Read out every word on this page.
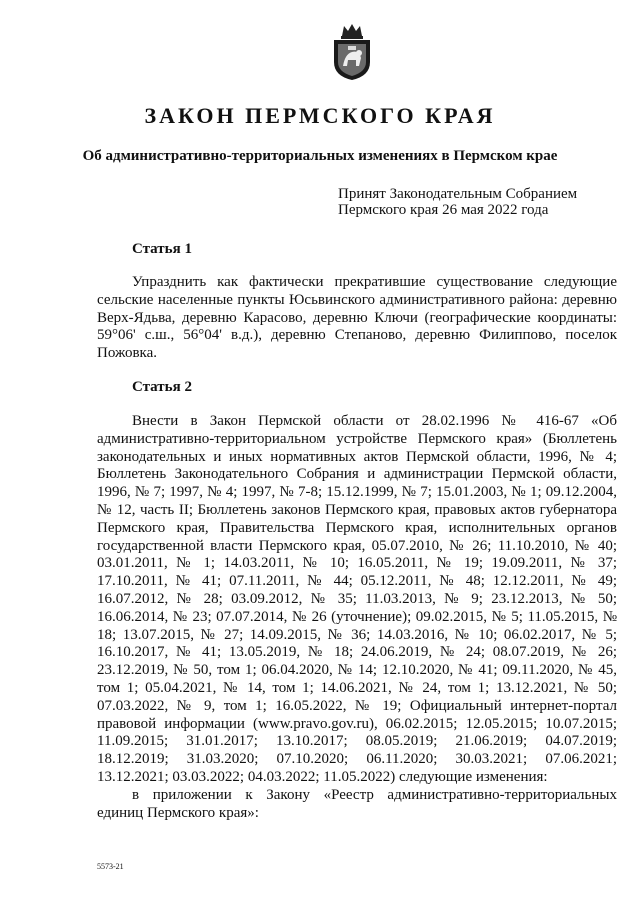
ЗАКОН ПЕРМСКОГО КРАЯ
Об административно-территориальных изменениях в Пермском крае
Принят Законодательным Собранием
Пермского края 26 мая 2022 года
Статья 1
Упразднить как фактически прекратившие существование следующие сельские населенные пункты Юсьвинского административного района: деревню Верх-Ядьва, деревню Карасово, деревню Ключи (географические координаты: 59°06' с.ш., 56°04' в.д.), деревню Степаново, деревню Филиппово, поселок Пожовка.
Статья 2
Внести в Закон Пермской области от 28.02.1996 № 416-67 «Об административно-территориальном устройстве Пермского края» (Бюллетень законодательных и иных нормативных актов Пермской области, 1996, № 4; Бюллетень Законодательного Собрания и администрации Пермской области, 1996, № 7; 1997, № 4; 1997, № 7-8; 15.12.1999, № 7; 15.01.2003, № 1; 09.12.2004, № 12, часть II; Бюллетень законов Пермского края, правовых актов губернатора Пермского края, Правительства Пермского края, исполнительных органов государственной власти Пермского края, 05.07.2010, № 26; 11.10.2010, № 40; 03.01.2011, № 1; 14.03.2011, № 10; 16.05.2011, № 19; 19.09.2011, № 37; 17.10.2011, № 41; 07.11.2011, № 44; 05.12.2011, № 48; 12.12.2011, № 49; 16.07.2012, № 28; 03.09.2012, № 35; 11.03.2013, № 9; 23.12.2013, № 50; 16.06.2014, № 23; 07.07.2014, № 26 (уточнение); 09.02.2015, № 5; 11.05.2015, № 18; 13.07.2015, № 27; 14.09.2015, № 36; 14.03.2016, № 10; 06.02.2017, № 5; 16.10.2017, № 41; 13.05.2019, № 18; 24.06.2019, № 24; 08.07.2019, № 26; 23.12.2019, № 50, том 1; 06.04.2020, № 14; 12.10.2020, № 41; 09.11.2020, № 45, том 1; 05.04.2021, № 14, том 1; 14.06.2021, № 24, том 1; 13.12.2021, № 50; 07.03.2022, № 9, том 1; 16.05.2022, № 19; Официальный интернет-портал правовой информации (www.pravo.gov.ru), 06.02.2015; 12.05.2015; 10.07.2015; 11.09.2015; 31.01.2017; 13.10.2017; 08.05.2019; 21.06.2019; 04.07.2019; 18.12.2019; 31.03.2020; 07.10.2020; 06.11.2020; 30.03.2021; 07.06.2021; 13.12.2021; 03.03.2022; 04.03.2022; 11.05.2022) следующие изменения:
в приложении к Закону «Реестр административно-территориальных единиц Пермского края»:
5573-21
